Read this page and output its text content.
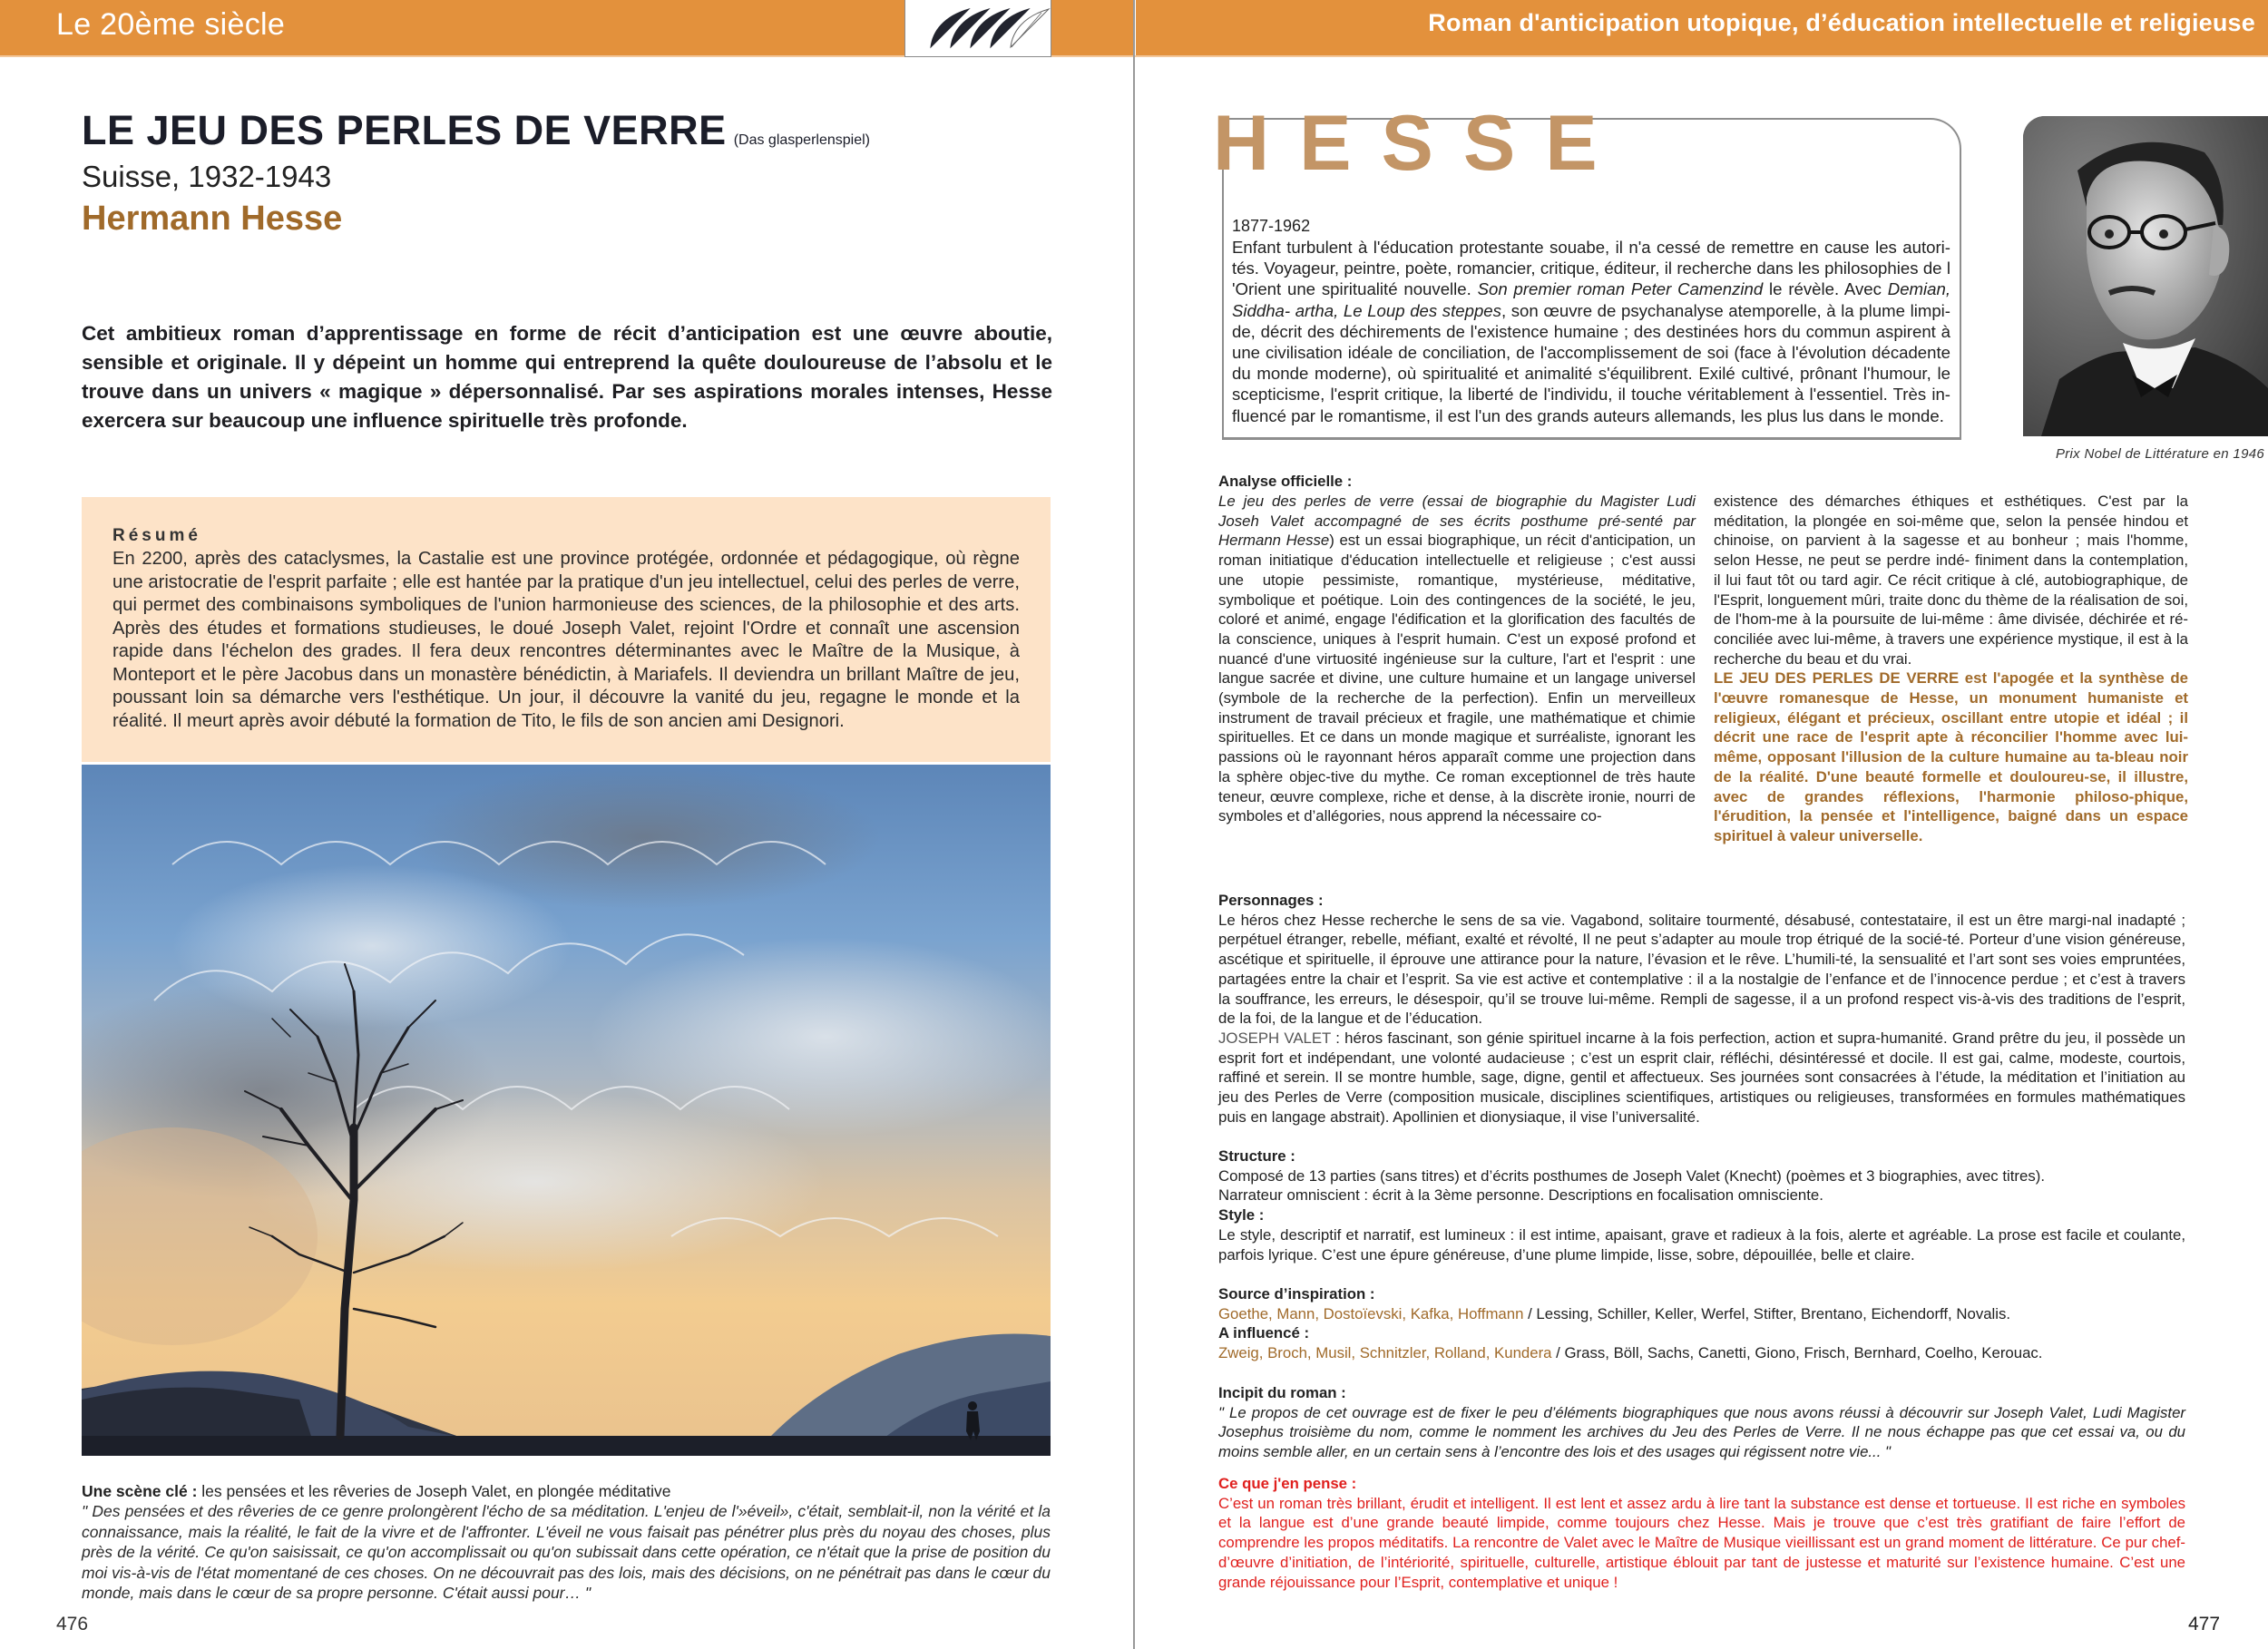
Le 20ème siècle	Roman d'anticipation utopique, d’éducation intellectuelle et religieuse
LE JEU DES PERLES DE VERRE (Das glasperlenspiel)
Suisse, 1932-1943
Hermann Hesse
Cet ambitieux roman d’apprentissage en forme de récit d’anticipation est une œuvre aboutie, sensible et originale. Il y dépeint un homme qui entreprend la quête douloureuse de l’absolu et le trouve dans un univers « magique » dépersonnalisé. Par ses aspirations morales intenses, Hesse exercera sur beaucoup une influence spirituelle très profonde.
Résumé
En 2200, après des cataclysmes, la Castalie est une province protégée, ordonnée et pédagogique, où règne une aristocratie de l'esprit parfaite ; elle est hantée par la pratique d'un jeu intellectuel, celui des perles de verre, qui permet des combinaisons symboliques de l'union harmonieuse des sciences, de la philosophie et des arts. Après des études et formations studieuses, le doué Joseph Valet, rejoint l'Ordre et connaît une ascension rapide dans l'échelon des grades. Il fera deux rencontres déterminantes avec le Maître de la Musique, à Monteport et le père Jacobus dans un monastère bénédictin, à Mariafels. Il deviendra un brillant Maître de jeu, poussant loin sa démarche vers l'esthétique. Un jour, il découvre la vanité du jeu, regagne le monde et la réalité. Il meurt après avoir débuté la formation de Tito, le fils de son ancien ami Designori.
Une scène clé : les pensées et les rêveries de Joseph Valet, en plongée méditative
" Des pensées et des rêveries de ce genre prolongèrent l'écho de sa méditation. L'enjeu de l'»éveil», c'était, semblait-il, non la vérité et la connaissance, mais la réalité, le fait de la vivre et de l'affronter. L'éveil ne vous faisait pas pénétrer plus près du noyau des choses, plus près de la vérité. Ce qu'on saisissait, ce qu'on accomplissait ou qu'on subissait dans cette opération, ce n'était que la prise de position du moi vis-à-vis de l'état momentané de ces choses. On ne découvrait pas des lois, mais des décisions, on ne pénétrait pas dans le cœur du monde, mais dans le cœur de sa propre personne. C'était aussi pour… "
476
HESSE
1877-1962
Enfant turbulent à l'éducation protestante souabe, il n'a cessé de remettre en cause les autori-tés. Voyageur, peintre, poète, romancier, critique, éditeur, il recherche dans les philosophies de l 'Orient une spiritualité nouvelle. Son premier roman Peter Camenzind le révèle. Avec Demian, Siddha- artha, Le Loup des steppes, son œuvre de psychanalyse atemporelle, à la plume limpi-de, décrit des déchirements de l'existence humaine ; des destinées hors du commun aspirent à une civilisation idéale de conciliation, de l'accomplissement de soi (face à l'évolution décadente du monde moderne), où spiritualité et animalité s'équilibrent. Exilé cultivé, prônant l'humour, le scepticisme, l'esprit critique, la liberté de l'individu, il touche véritablement à l'essentiel. Très in-fluencé par le romantisme, il est l'un des grands auteurs allemands, les plus lus dans le monde.
Prix Nobel de Littérature en 1946
Analyse officielle :
Le jeu des perles de verre (essai de biographie du Magister Ludi Joseh Valet accompagné de ses écrits posthume pré-senté par Hermann Hesse) est un essai biographique, un récit d'anticipation, un roman initiatique d'éducation intellectuelle et religieuse ; c'est aussi une utopie pessimiste, romantique, mystérieuse, méditative, symbolique et poétique. Loin des contingences de la société, le jeu, coloré et animé, engage l'édification et la glorification des facultés de la conscience, uniques à l'esprit humain. C'est un exposé profond et nuancé d'une virtuosité ingénieuse sur la culture, l'art et l'esprit : une langue sacrée et divine, une culture humaine et un langage universel (symbole de la recherche de la perfection). Enfin un merveilleux instrument de travail précieux et fragile, une mathématique et chimie spirituelles. Et ce dans un monde magique et surréaliste, ignorant les passions où le rayonnant héros apparaît comme une projection dans la sphère objec-tive du mythe. Ce roman exceptionnel de très haute teneur, œuvre complexe, riche et dense, à la discrète ironie, nourri de symboles et d’allégories, nous apprend la nécessaire co-
existence des démarches éthiques et esthétiques. C'est par la méditation, la plongée en soi-même que, selon la pensée hindou et chinoise, on parvient à la sagesse et au bonheur ; mais l'homme, selon Hesse, ne peut se perdre indé- finiment dans la contemplation, il lui faut tôt ou tard agir. Ce récit critique à clé, autobiographique, de l'Esprit, longuement mûri, traite donc du thème de la réalisation de soi, de l'hom-me à la poursuite de lui-même : âme divisée, déchirée et ré-conciliée avec lui-même, à travers une expérience mystique, il est à la recherche du beau et du vrai.
LE JEU DES PERLES DE VERRE est l'apogée et la synthèse de l'œuvre romanesque de Hesse, un monument humaniste et religieux, élégant et précieux, oscillant entre utopie et idéal ; il décrit une race de l'esprit apte à réconcilier l'homme avec lui-même, opposant l'illusion de la culture humaine au ta-bleau noir de la réalité. D'une beauté formelle et douloureu-se, il illustre, avec de grandes réflexions, l'harmonie philoso-phique, l'érudition, la pensée et l'intelligence, baigné dans un espace spirituel à valeur universelle.
Personnages :
Le héros chez Hesse recherche le sens de sa vie. Vagabond, solitaire tourmenté, désabusé, contestataire, il est un être margi-nal inadapté ; perpétuel étranger, rebelle, méfiant, exalté et révolté, Il ne peut s’adapter au moule trop étriqué de la socié-té. Porteur d’une vision généreuse, ascétique et spirituelle, il éprouve une attirance pour la nature, l’évasion et le rêve. L’humili-té, la sensualité et l’art sont ses voies empruntées, partagées entre la chair et l’esprit. Sa vie est active et contemplative : il a la nostalgie de l’enfance et de l’innocence perdue ; et c’est à travers la souffrance, les erreurs, le désespoir, qu’il se trouve lui-même. Rempli de sagesse, il a un profond respect vis-à-vis des traditions de l’esprit, de la foi, de la langue et de l’éducation.
JOSEPH VALET : héros fascinant, son génie spirituel incarne à la fois perfection, action et supra-humanité. Grand prêtre du jeu, il possède un esprit fort et indépendant, une volonté audacieuse ; c’est un esprit clair, réfléchi, désintéressé et docile. Il est gai, calme, modeste, courtois, raffiné et serein. Il se montre humble, sage, digne, gentil et affectueux. Ses journées sont consacrées à l’étude, la méditation et l’initiation au jeu des Perles de Verre (composition musicale, disciplines scientifiques, artistiques ou religieuses, transformées en formules mathématiques puis en langage abstrait). Apollinien et dionysiaque, il vise l’universalité.
Structure :
Composé de 13 parties (sans titres) et d’écrits posthumes de Joseph Valet (Knecht) (poèmes et 3 biographies, avec titres).
Narrateur omniscient : écrit à la 3ème personne. Descriptions en focalisation omnisciente.
Style :
Le style, descriptif et narratif, est lumineux : il est intime, apaisant, grave et radieux à la fois, alerte et agréable. La prose est facile et coulante, parfois lyrique. C’est une épure généreuse, d’une plume limpide, lisse, sobre, dépouillée, belle et claire.
Source d’inspiration :
Goethe, Mann, Dostoïevski, Kafka, Hoffmann / Lessing, Schiller, Keller, Werfel, Stifter, Brentano, Eichendorff, Novalis.
A influencé :
Zweig, Broch, Musil, Schnitzler, Rolland, Kundera / Grass, Böll, Sachs, Canetti, Giono, Frisch, Bernhard, Coelho, Kerouac.
Incipit du roman :
" Le propos de cet ouvrage est de fixer le peu d’éléments biographiques que nous avons réussi à découvrir sur Joseph Valet, Ludi Magister Josephus troisième du nom, comme le nomment les archives du Jeu des Perles de Verre. Il ne nous échappe pas que cet essai va, ou du moins semble aller, en un certain sens à l’encontre des lois et des usages qui régissent notre vie... "
Ce que j'en pense :
C’est un roman très brillant, érudit et intelligent. Il est lent et assez ardu à lire tant la substance est dense et tortueuse. Il est riche en symboles et la langue est d’une grande beauté limpide, comme toujours chez Hesse. Mais je trouve que c’est très gratifiant de faire l’effort de comprendre les propos méditatifs. La rencontre de Valet avec le Maître de Musique vieillissant est un grand moment de littérature. Ce pur chef-d’œuvre d’initiation, de l’intériorité, spirituelle, culturelle, artistique éblouit par tant de justesse et maturité sur l’existence humaine. C’est une grande réjouissance pour l’Esprit, contemplative et unique !
477
